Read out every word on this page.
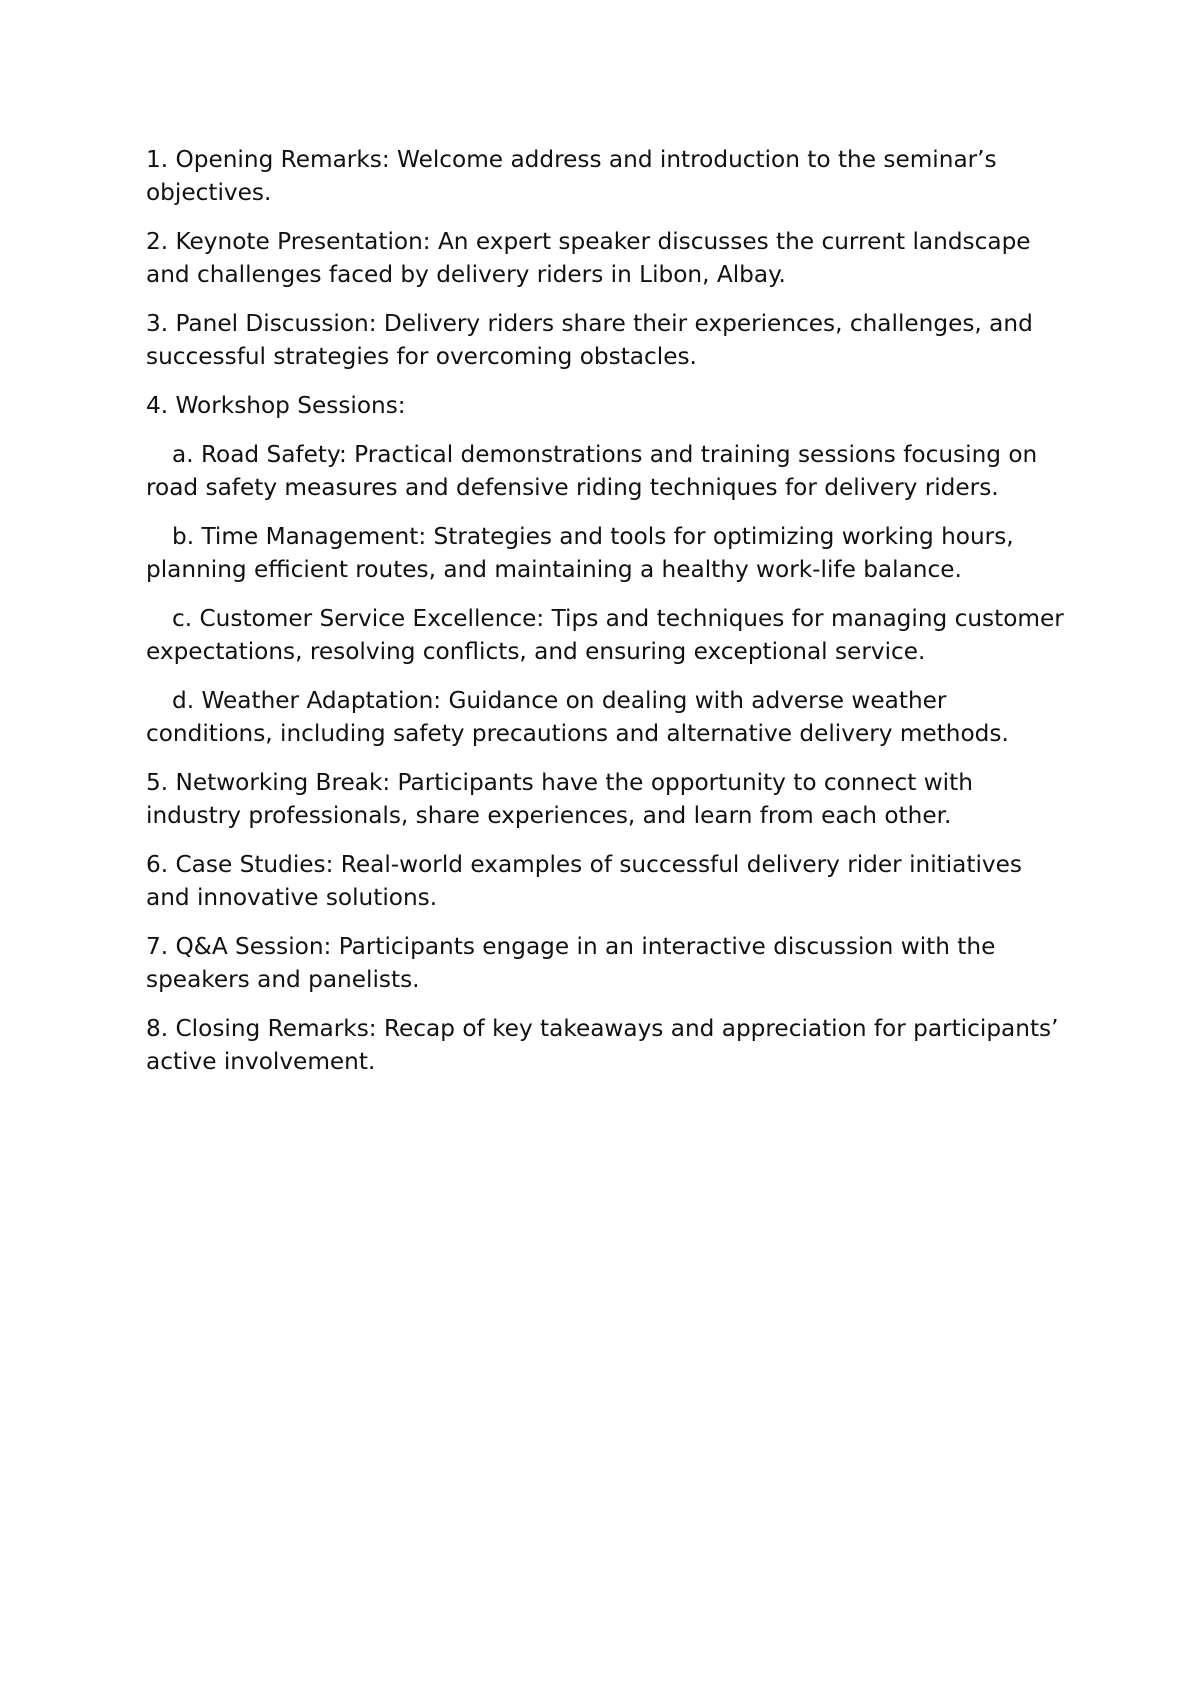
1. Opening Remarks: Welcome address and introduction to the seminar’s objectives.

2. Keynote Presentation: An expert speaker discusses the current landscape and challenges faced by delivery riders in Libon, Albay.

3. Panel Discussion: Delivery riders share their experiences, challenges, and successful strategies for overcoming obstacles.

4. Workshop Sessions:

a. Road Safety: Practical demonstrations and training sessions focusing on road safety measures and defensive riding techniques for delivery riders.

b. Time Management: Strategies and tools for optimizing working hours, planning efficient routes, and maintaining a healthy work-life balance.

c. Customer Service Excellence: Tips and techniques for managing customer expectations, resolving conflicts, and ensuring exceptional service.

d. Weather Adaptation: Guidance on dealing with adverse weather conditions, including safety precautions and alternative delivery methods.

5. Networking Break: Participants have the opportunity to connect with industry professionals, share experiences, and learn from each other.

6. Case Studies: Real-world examples of successful delivery rider initiatives and innovative solutions.

7. Q&A Session: Participants engage in an interactive discussion with the speakers and panelists.

8. Closing Remarks: Recap of key takeaways and appreciation for participants’ active involvement.
